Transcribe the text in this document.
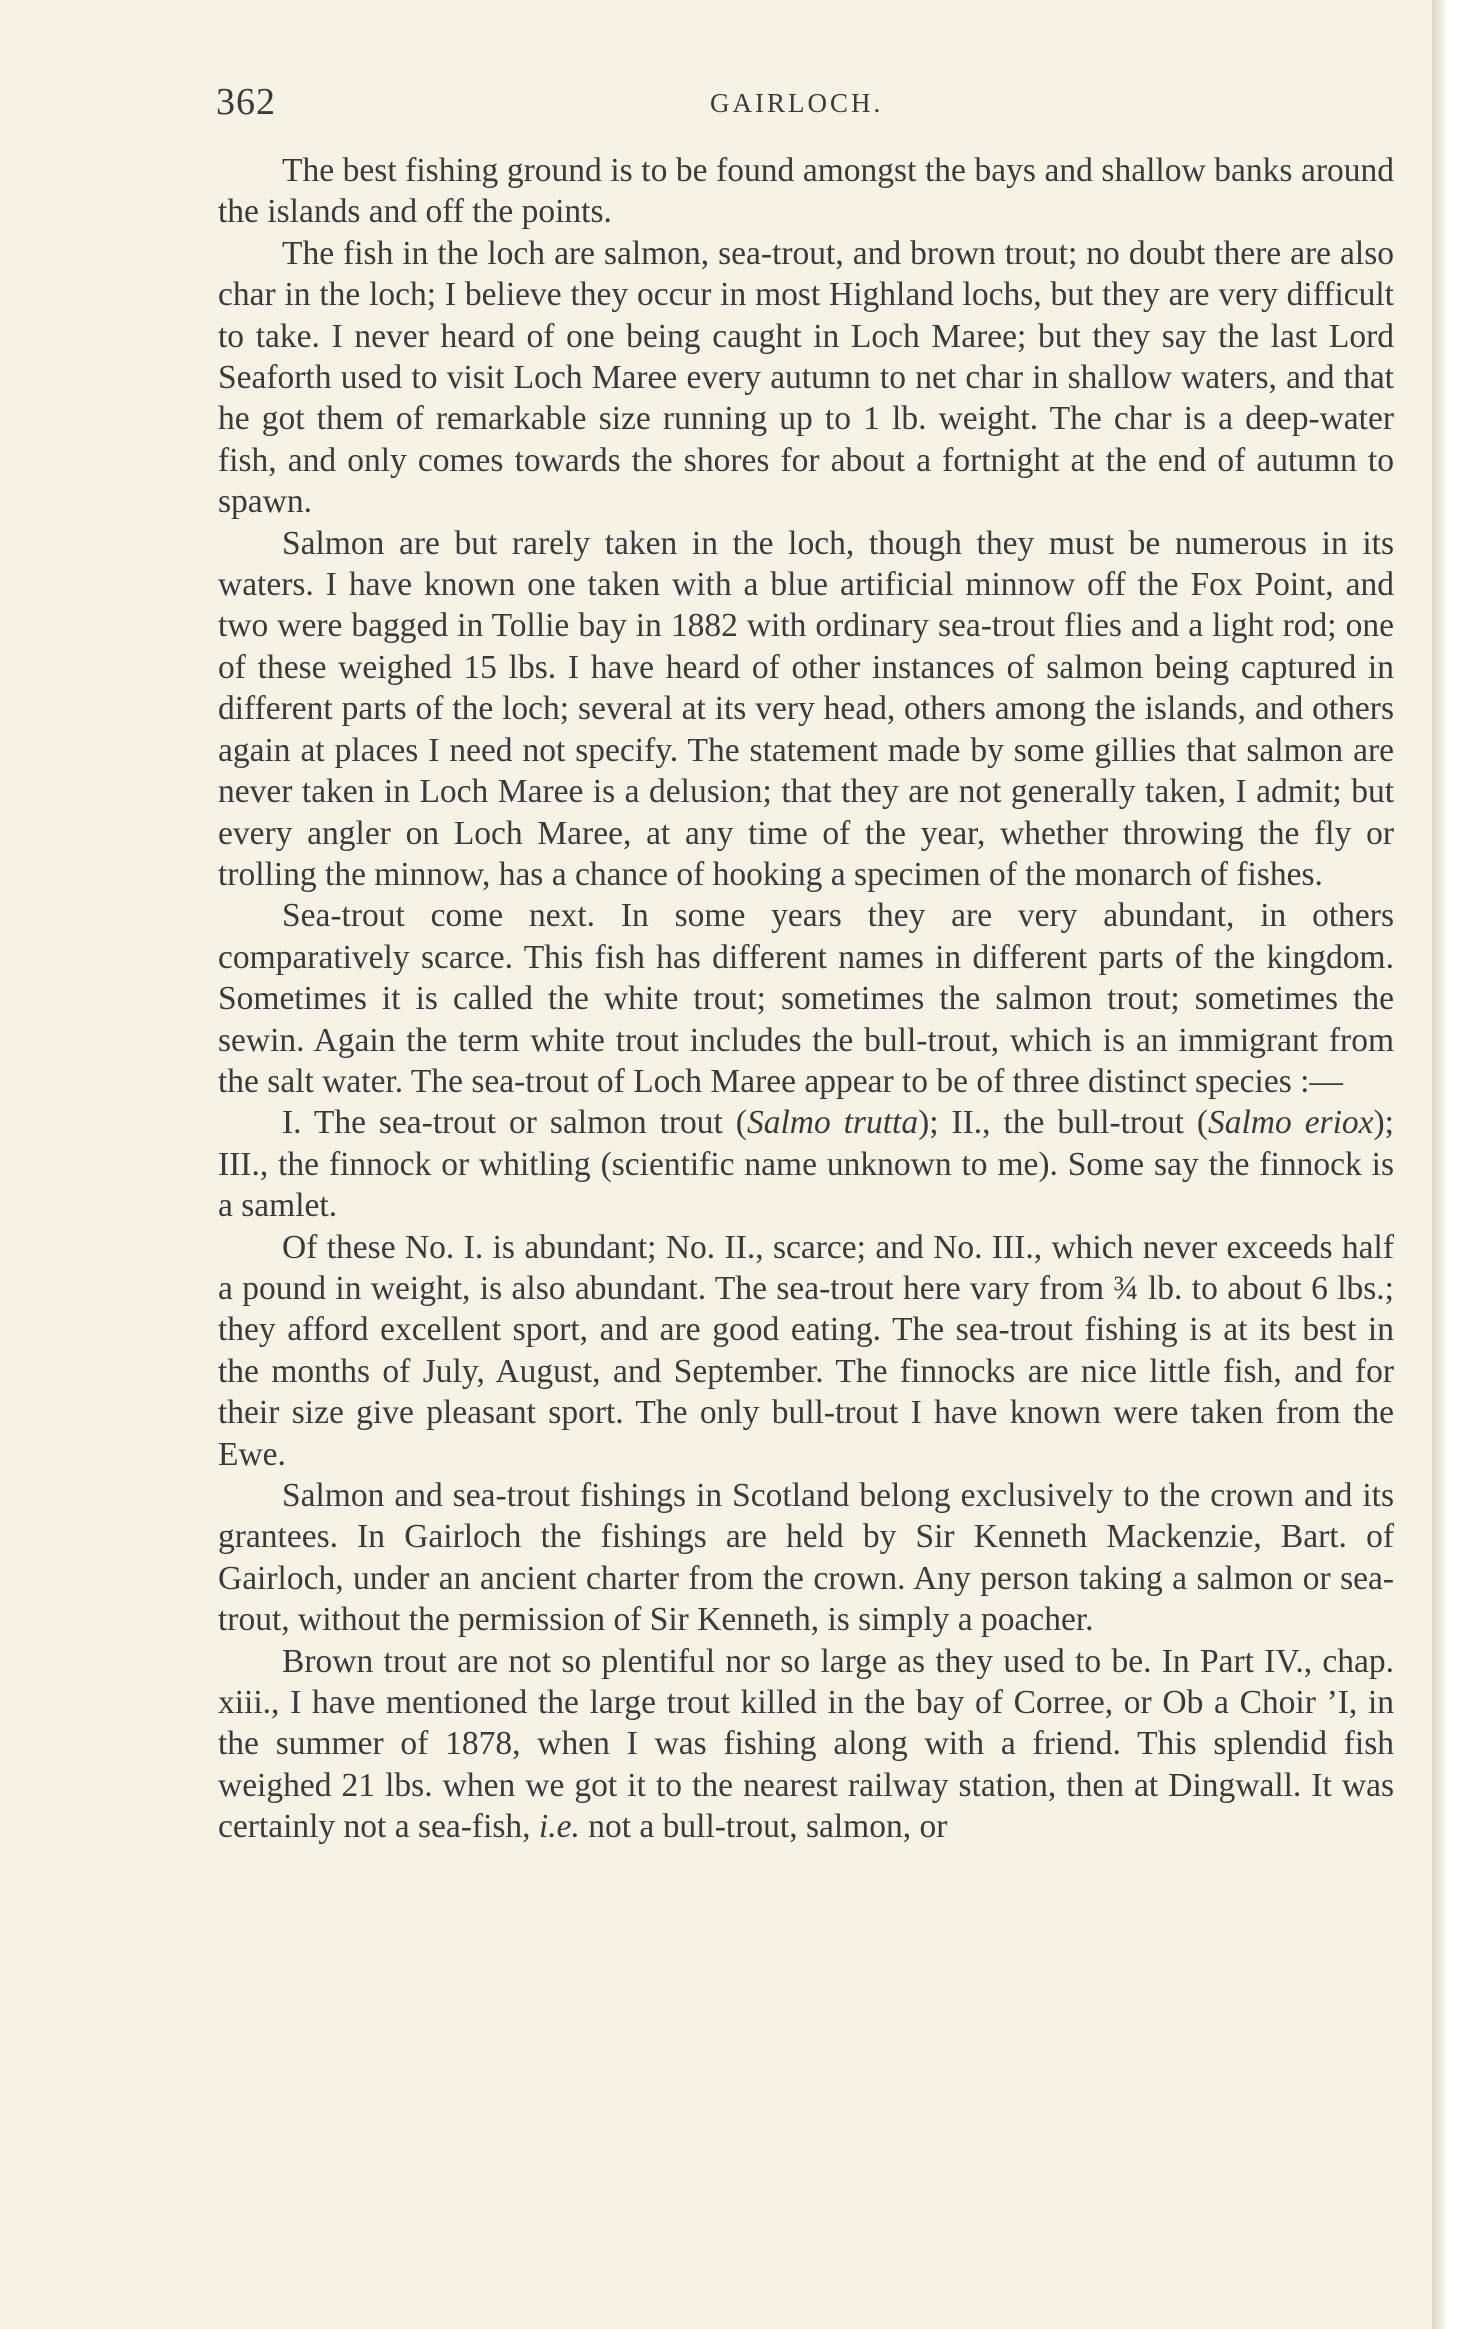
362	GAIRLOCH.

The best fishing ground is to be found amongst the bays and shallow banks around the islands and off the points.

The fish in the loch are salmon, sea-trout, and brown trout; no doubt there are also char in the loch; I believe they occur in most Highland lochs, but they are very difficult to take. I never heard of one being caught in Loch Maree; but they say the last Lord Seaforth used to visit Loch Maree every autumn to net char in shallow waters, and that he got them of remarkable size running up to 1 lb. weight. The char is a deep-water fish, and only comes towards the shores for about a fortnight at the end of autumn to spawn.

Salmon are but rarely taken in the loch, though they must be numerous in its waters. I have known one taken with a blue artificial minnow off the Fox Point, and two were bagged in Tollie bay in 1882 with ordinary sea-trout flies and a light rod; one of these weighed 15 lbs. I have heard of other instances of salmon being captured in different parts of the loch; several at its very head, others among the islands, and others again at places I need not specify. The statement made by some gillies that salmon are never taken in Loch Maree is a delusion; that they are not generally taken, I admit; but every angler on Loch Maree, at any time of the year, whether throwing the fly or trolling the minnow, has a chance of hooking a specimen of the monarch of fishes.

Sea-trout come next. In some years they are very abundant, in others comparatively scarce. This fish has different names in different parts of the kingdom. Sometimes it is called the white trout; sometimes the salmon trout; sometimes the sewin. Again the term white trout includes the bull-trout, which is an immigrant from the salt water. The sea-trout of Loch Maree appear to be of three distinct species :—

I. The sea-trout or salmon trout (Salmo trutta); II., the bull-trout (Salmo eriox); III., the finnock or whitling (scientific name unknown to me). Some say the finnock is a samlet.

Of these No. I. is abundant; No. II., scarce; and No. III., which never exceeds half a pound in weight, is also abundant. The sea-trout here vary from ¾ lb. to about 6 lbs.; they afford excellent sport, and are good eating. The sea-trout fishing is at its best in the months of July, August, and September. The finnocks are nice little fish, and for their size give pleasant sport. The only bull-trout I have known were taken from the Ewe.

Salmon and sea-trout fishings in Scotland belong exclusively to the crown and its grantees. In Gairloch the fishings are held by Sir Kenneth Mackenzie, Bart. of Gairloch, under an ancient charter from the crown. Any person taking a salmon or sea-trout, without the permission of Sir Kenneth, is simply a poacher.

Brown trout are not so plentiful nor so large as they used to be. In Part IV., chap. xiii., I have mentioned the large trout killed in the bay of Corree, or Ob a Choir ’I, in the summer of 1878, when I was fishing along with a friend. This splendid fish weighed 21 lbs. when we got it to the nearest railway station, then at Dingwall. It was certainly not a sea-fish, i.e. not a bull-trout, salmon, or
